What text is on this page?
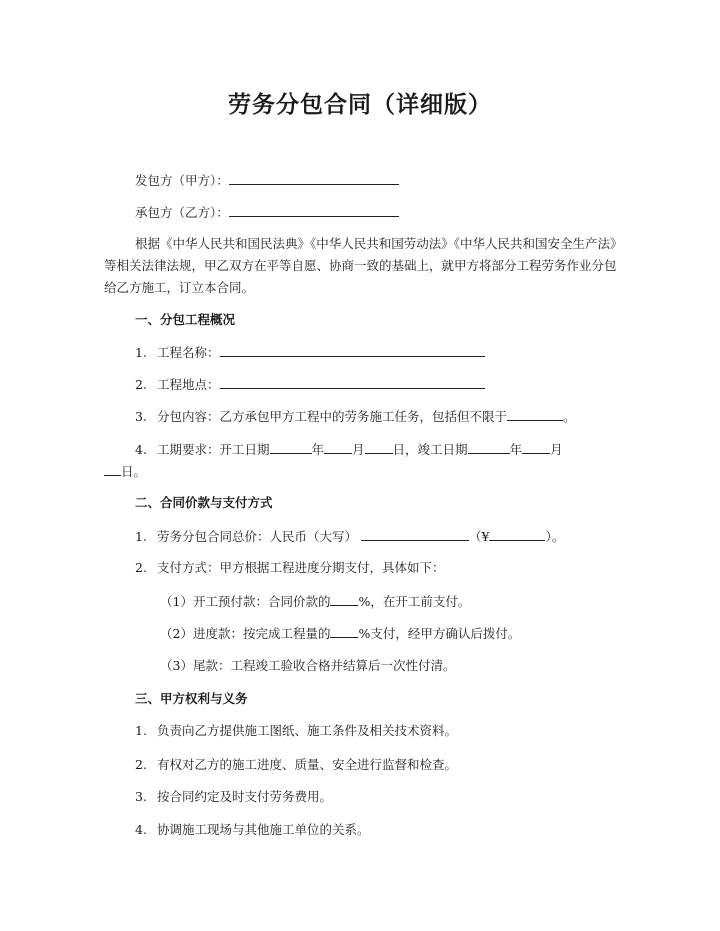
劳务分包合同（详细版）
发包方（甲方）：
承包方（乙方）：
根据《中华人民共和国民法典》《中华人民共和国劳动法》《中华人民共和国安全生产法》等相关法律法规，甲乙双方在平等自愿、协商一致的基础上，就甲方将部分工程劳务作业分包给乙方施工，订立本合同。
一、分包工程概况
1. 工程名称：
2. 工程地点：
3. 分包内容：乙方承包甲方工程中的劳务施工任务，包括但不限于	。
4. 工期要求：开工日期	年 月 日，竣工日期	年 月
日。
二、合同价款与支付方式
1. 劳务分包合同总价：人民币（大写）	（¥	）。
2. 支付方式：甲方根据工程进度分期支付，具体如下：
（1）开工预付款：合同价款的 %，在开工前支付。
（2）进度款：按完成工程量的 %支付，经甲方确认后拨付。
（3）尾款：工程竣工验收合格并结算后一次性付清。
三、甲方权利与义务
1. 负责向乙方提供施工图纸、施工条件及相关技术资料。
2. 有权对乙方的施工进度、质量、安全进行监督和检查。
3. 按合同约定及时支付劳务费用。
4. 协调施工现场与其他施工单位的关系。
